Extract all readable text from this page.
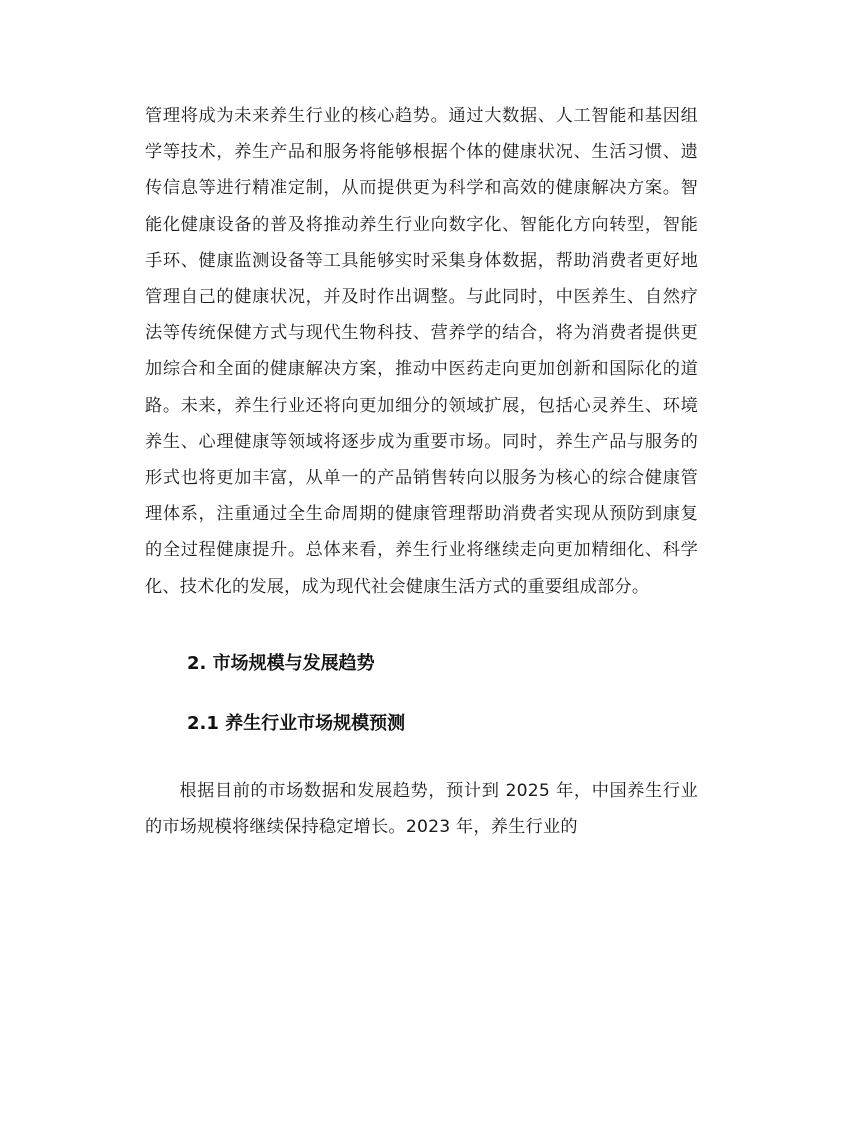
管理将成为未来养生行业的核心趋势。通过大数据、人工智能和基因组学等技术，养生产品和服务将能够根据个体的健康状况、生活习惯、遗传信息等进行精准定制，从而提供更为科学和高效的健康解决方案。智能化健康设备的普及将推动养生行业向数字化、智能化方向转型，智能手环、健康监测设备等工具能够实时采集身体数据，帮助消费者更好地管理自己的健康状况，并及时作出调整。与此同时，中医养生、自然疗法等传统保健方式与现代生物科技、营养学的结合，将为消费者提供更加综合和全面的健康解决方案，推动中医药走向更加创新和国际化的道路。未来，养生行业还将向更加细分的领域扩展，包括心灵养生、环境养生、心理健康等领域将逐步成为重要市场。同时，养生产品与服务的形式也将更加丰富，从单一的产品销售转向以服务为核心的综合健康管理体系，注重通过全生命周期的健康管理帮助消费者实现从预防到康复的全过程健康提升。总体来看，养生行业将继续走向更加精细化、科学化、技术化的发展，成为现代社会健康生活方式的重要组成部分。

2. 市场规模与发展趋势
2.1 养生行业市场规模预测

根据目前的市场数据和发展趋势，预计到 2025 年，中国养生行业的市场规模将继续保持稳定增长。2023 年，养生行业的
